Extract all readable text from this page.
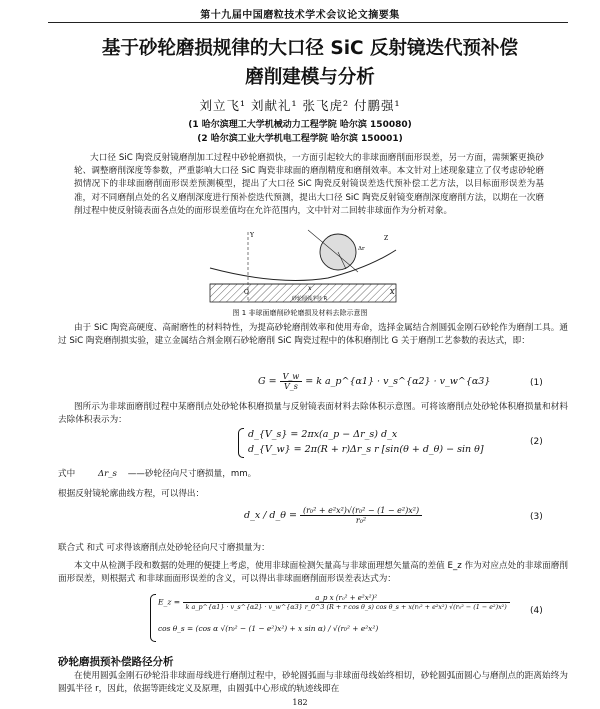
第十九届中国磨粒技术学术会议论文摘要集
基于砂轮磨损规律的大口径 SiC 反射镜迭代预补偿
磨削建模与分析
刘立飞¹ 刘献礼¹ 张飞虎² 付鹏强¹
(1 哈尔滨理工大学机械动力工程学院 哈尔滨 150080)
(2 哈尔滨工业大学机电工程学院 哈尔滨 150001)
大口径 SiC 陶瓷反射镜磨削加工过程中砂轮磨损快，一方面引起较大的非球面磨削面形误差，另一方面，需频繁更换砂轮、调整磨削深度等参数，严重影响大口径 SiC 陶瓷非球面的磨削精度和磨削效率。本文针对上述现象建立了仅考虑砂轮磨损情况下的非球面磨削面形误差预测模型，提出了大口径 SiC 陶瓷反射镜误差迭代预补偿工艺方法，以目标面形误差为基准，对不同磨削点处的名义磨削深度进行预补偿迭代预测，提出大口径 SiC 陶瓷反射镜变磨削深度磨削方法，以期在一次磨削过程中使反射镜表面各点处的面形误差值均在允许范围内，文中针对二回转非球面作为分析对象。
O	X
Y
x
Δr
Z
砂轮圆弧半径 R
图 1 非球面磨削砂轮磨损及材料去除示意图
由于 SiC 陶瓷高硬度、高耐磨性的材料特性，为提高砂轮磨削效率和使用寿命，选择金属结合剂圆弧金刚石砂轮作为磨削工具。通过 SiC 陶瓷磨削损实验，建立金属结合剂金刚石砂轮磨削 SiC 陶瓷过程中的体积磨削比 G 关于磨削工艺参数的表达式，即：
$G = \frac{V\_w}{V\_s} = k$ a_p^{α1} · v_s^{α2} · v_w^{α3}	(1)
图所示为非球面磨削过程中某磨削点处砂轮体积磨损量与反射镜表面材料去除体积示意图。可将该磨削点处砂轮体积磨损量和材料去除体积表示为：
d_{V_s} = 2πx(a_p − Δr_s) d_x
d_{V_w} = 2π(R + r)Δr_s r [sin(θ + d_θ) − sin θ]
(2)
式中	Δr_s ——砂轮径向尺寸磨损量，mm。
根据反射镜轮廓曲线方程，可以得出：
d_x / d_θ = $\frac{\text{(r₀² + e²x²)√(r₀² − (1 − e²)x²)}}{\text{r₀²}}$	(3)
联合式 和式 可求得该磨削点处砂轮径向尺寸磨损量为：
本文中从检测手段和数据的处理的便捷上考虑，使用非球面检测矢量高与非球面理想矢量高的差值 E_z 作为对应点处的非球面磨削面形误差，则根据式 和非球面面形误差的含义，可以得出非球面磨削面形误差表达式为：
E_z =	a_p x (r₀² + e²x²)²
k a_p^{α1} · v_s^{α2} · v_w^{α3} r_0^3 (R + r cos θ_s) cos θ_s + x(r₀² + e²x²) √(r₀² − (1 − e²)x²)
cos θ_s = (cos α √(r₀² − (1 − e²)x²) + x sin α) / √(r₀² + e²x²)
(4)
砂轮磨损预补偿路径分析
在使用圆弧金刚石砂轮沿非球面母线进行磨削过程中，砂轮圆弧面与非球面母线始终相切，砂轮圆弧面圆心与磨削点的距离始终为圆弧半径 r，因此，依据等距线定义及原理，由圆弧中心形成的轨迹线即在
182
